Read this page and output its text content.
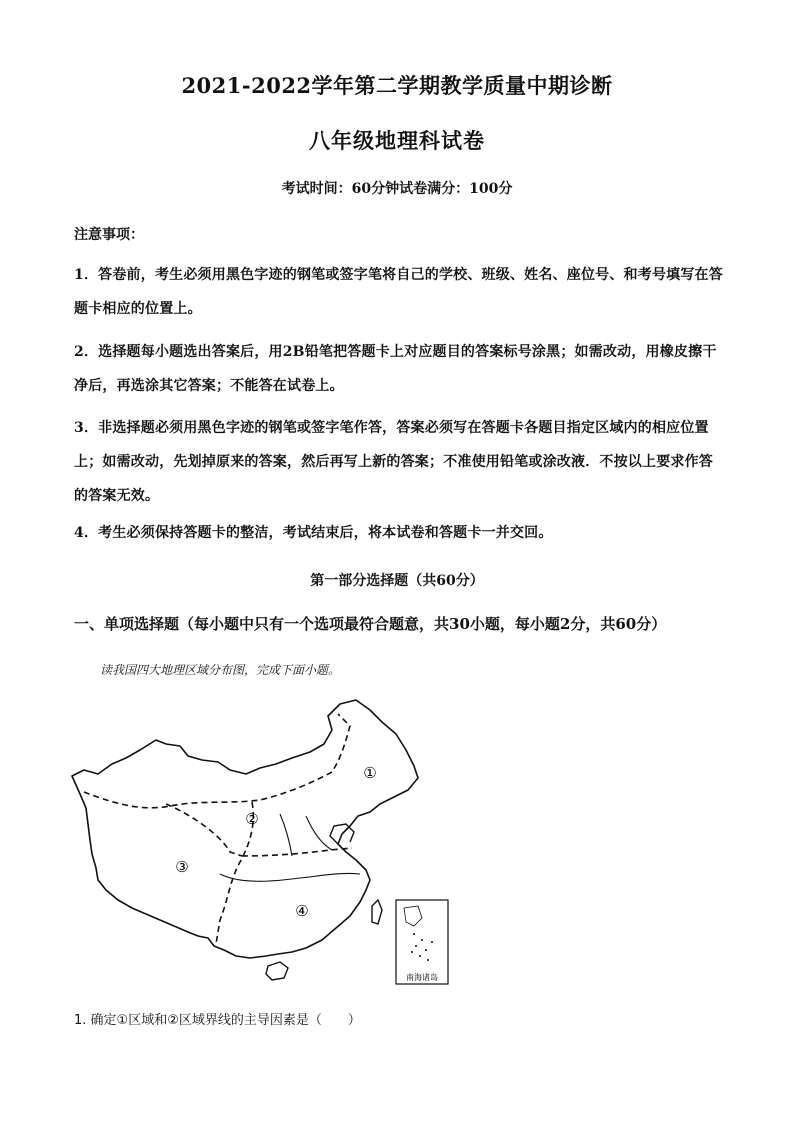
2021-2022学年第二学期教学质量中期诊断

八年级地理科试卷

考试时间：60分钟试卷满分：100分

注意事项：

1．答卷前，考生必须用黑色字迹的钢笔或签字笔将自己的学校、班级、姓名、座位号、和考号填写在答题卡相应的位置上。

2．选择题每小题选出答案后，用2B铅笔把答题卡上对应题目的答案标号涂黑；如需改动，用橡皮擦干净后，再选涂其它答案；不能答在试卷上。

3．非选择题必须用黑色字迹的钢笔或签字笔作答，答案必须写在答题卡各题目指定区域内的相应位置上；如需改动，先划掉原来的答案，然后再写上新的答案；不准使用铅笔或涂改液．不按以上要求作答的答案无效。

4．考生必须保持答题卡的整洁，考试结束后，将本试卷和答题卡一并交回。

第一部分选择题（共60分）

一、单项选择题（每小题中只有一个选项最符合题意，共30小题，每小题2分，共60分）

读我国四大地理区域分布图，完成下面小题。

①
②
③
④
南海诸岛

1. 确定①区域和②区域界线的主导因素是（　　）
